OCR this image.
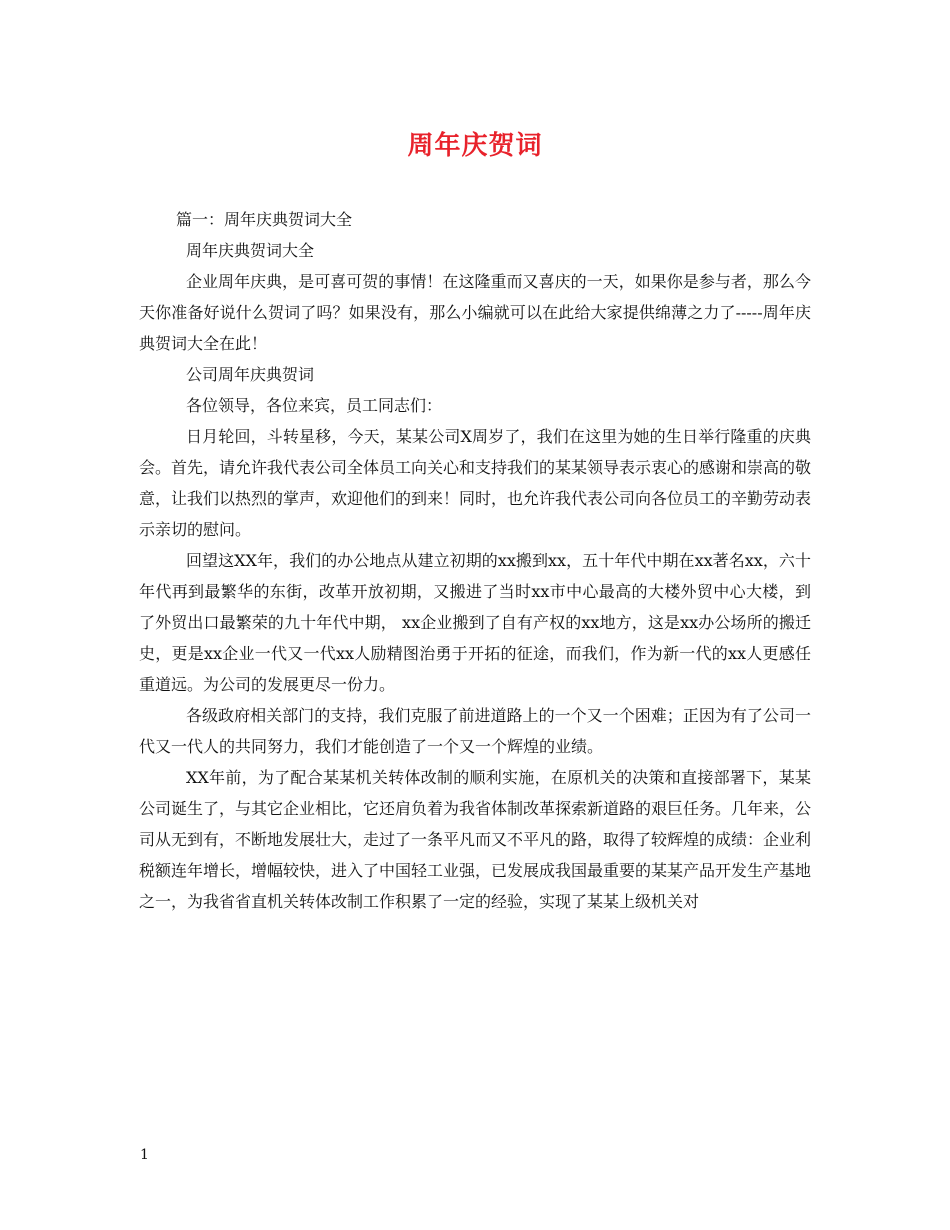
周年庆贺词

篇一：周年庆典贺词大全

周年庆典贺词大全

企业周年庆典，是可喜可贺的事情！在这隆重而又喜庆的一天，如果你是参与者，那么今天你准备好说什么贺词了吗？如果没有，那么小编就可以在此给大家提供绵薄之力了-----周年庆典贺词大全在此！

公司周年庆典贺词

各位领导，各位来宾，员工同志们：

日月轮回，斗转星移，今天，某某公司X周岁了，我们在这里为她的生日举行隆重的庆典会。首先，请允许我代表公司全体员工向关心和支持我们的某某领导表示衷心的感谢和崇高的敬意，让我们以热烈的掌声，欢迎他们的到来！同时，也允许我代表公司向各位员工的辛勤劳动表示亲切的慰问。

回望这XX年，我们的办公地点从建立初期的xx搬到xx，五十年代中期在xx著名xx，六十年代再到最繁华的东街，改革开放初期，又搬进了当时xx市中心最高的大楼外贸中心大楼，到了外贸出口最繁荣的九十年代中期， xx企业搬到了自有产权的xx地方，这是xx办公场所的搬迁史，更是xx企业一代又一代xx人励精图治勇于开拓的征途，而我们，作为新一代的xx人更感任重道远。为公司的发展更尽一份力。

各级政府相关部门的支持，我们克服了前进道路上的一个又一个困难；正因为有了公司一代又一代人的共同努力，我们才能创造了一个又一个辉煌的业绩。

XX年前，为了配合某某机关转体改制的顺利实施，在原机关的决策和直接部署下，某某公司诞生了，与其它企业相比，它还肩负着为我省体制改革探索新道路的艰巨任务。几年来，公司从无到有，不断地发展壮大，走过了一条平凡而又不平凡的路，取得了较辉煌的成绩：企业利税额连年增长，增幅较快，进入了中国轻工业强，已发展成我国最重要的某某产品开发生产基地之一，为我省省直机关转体改制工作积累了一定的经验，实现了某某上级机关对

1
